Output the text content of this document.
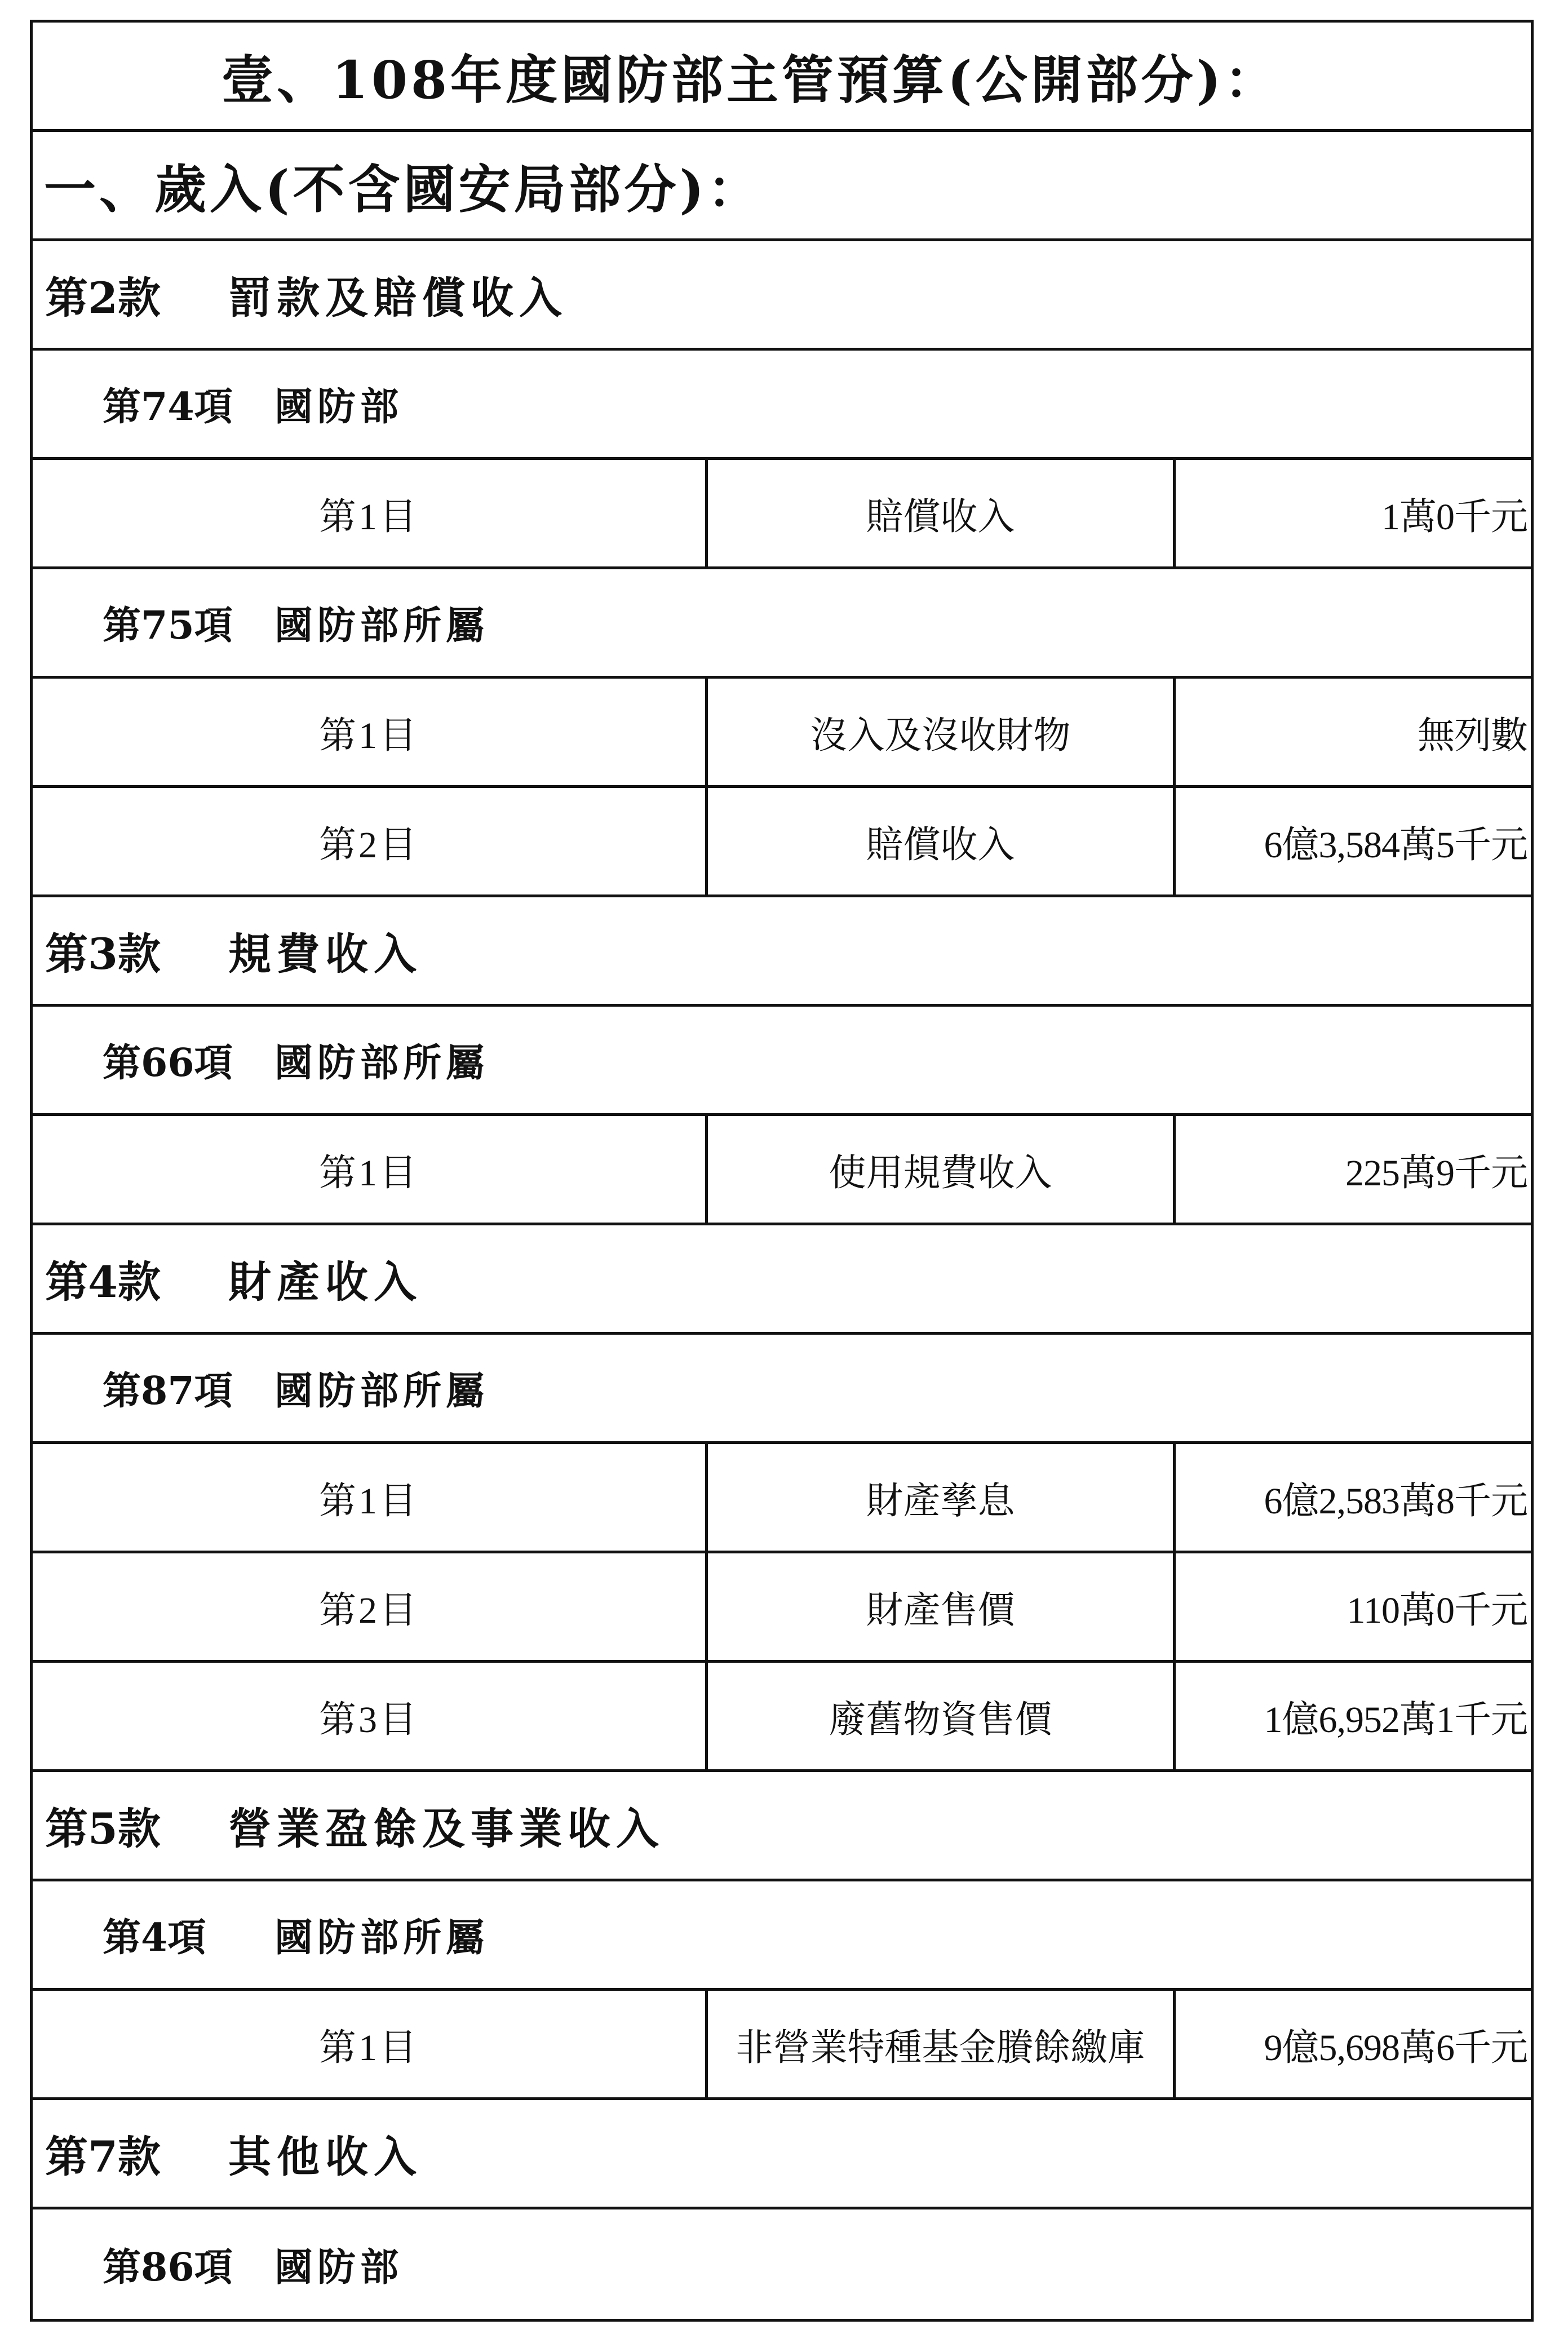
壹、108年度國防部主管預算(公開部分)：
一、歲入(不含國安局部分)：
第2款	罰款及賠償收入
第74項	國防部
第1目	賠償收入	1萬0千元
第75項	國防部所屬
第1目	沒入及沒收財物	無列數
第2目	賠償收入	6億3,584萬5千元
第3款	規費收入
第66項	國防部所屬
第1目	使用規費收入	225萬9千元
第4款	財產收入
第87項	國防部所屬
第1目	財產孳息	6億2,583萬8千元
第2目	財產售價	110萬0千元
第3目	廢舊物資售價	1億6,952萬1千元
第5款	營業盈餘及事業收入
第4項	國防部所屬
第1目	非營業特種基金賸餘繳庫	9億5,698萬6千元
第7款	其他收入
第86項	國防部
